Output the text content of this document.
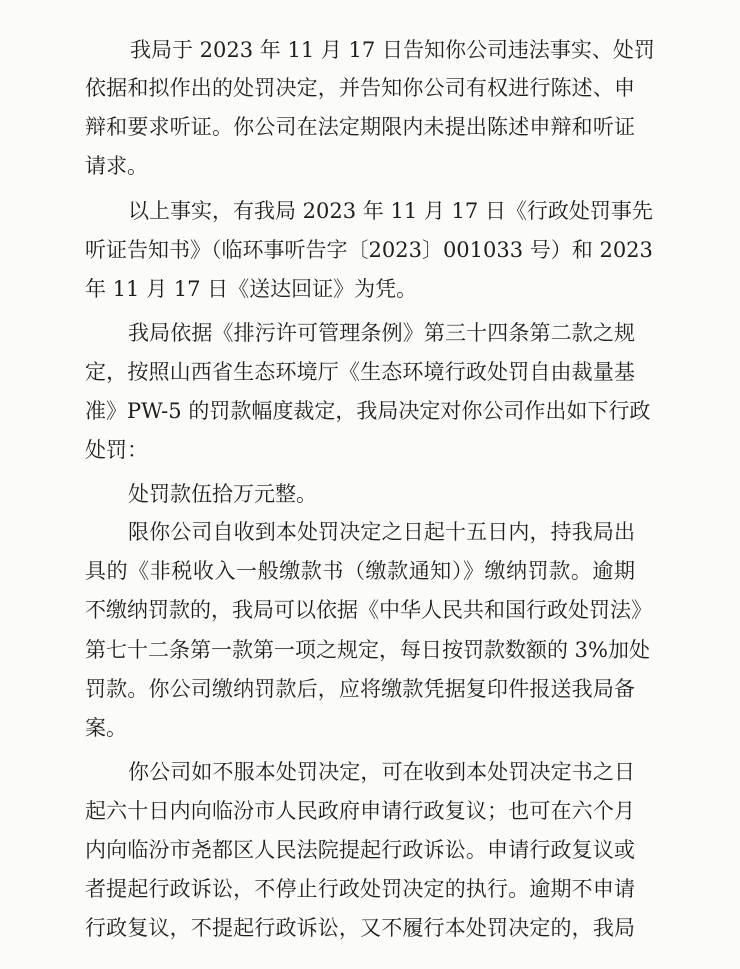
我局于 2023 年 11 月 17 日告知你公司违法事实、处罚
依据和拟作出的处罚决定，并告知你公司有权进行陈述、申
辩和要求听证。你公司在法定期限内未提出陈述申辩和听证
请求。
以上事实，有我局 2023 年 11 月 17 日《行政处罚事先
听证告知书》（临环事听告字〔2023〕001033 号）和 2023
年 11 月 17 日《送达回证》为凭。
我局依据《排污许可管理条例》第三十四条第二款之规
定，按照山西省生态环境厅《生态环境行政处罚自由裁量基
准》PW-5 的罚款幅度裁定，我局决定对你公司作出如下行政
处罚：
处罚款伍拾万元整。
限你公司自收到本处罚决定之日起十五日内，持我局出
具的《非税收入一般缴款书（缴款通知）》缴纳罚款。逾期
不缴纳罚款的，我局可以依据《中华人民共和国行政处罚法》
第七十二条第一款第一项之规定，每日按罚款数额的 3%加处
罚款。你公司缴纳罚款后，应将缴款凭据复印件报送我局备
案。
你公司如不服本处罚决定，可在收到本处罚决定书之日
起六十日内向临汾市人民政府申请行政复议；也可在六个月
内向临汾市尧都区人民法院提起行政诉讼。申请行政复议或
者提起行政诉讼，不停止行政处罚决定的执行。逾期不申请
行政复议，不提起行政诉讼，又不履行本处罚决定的，我局
